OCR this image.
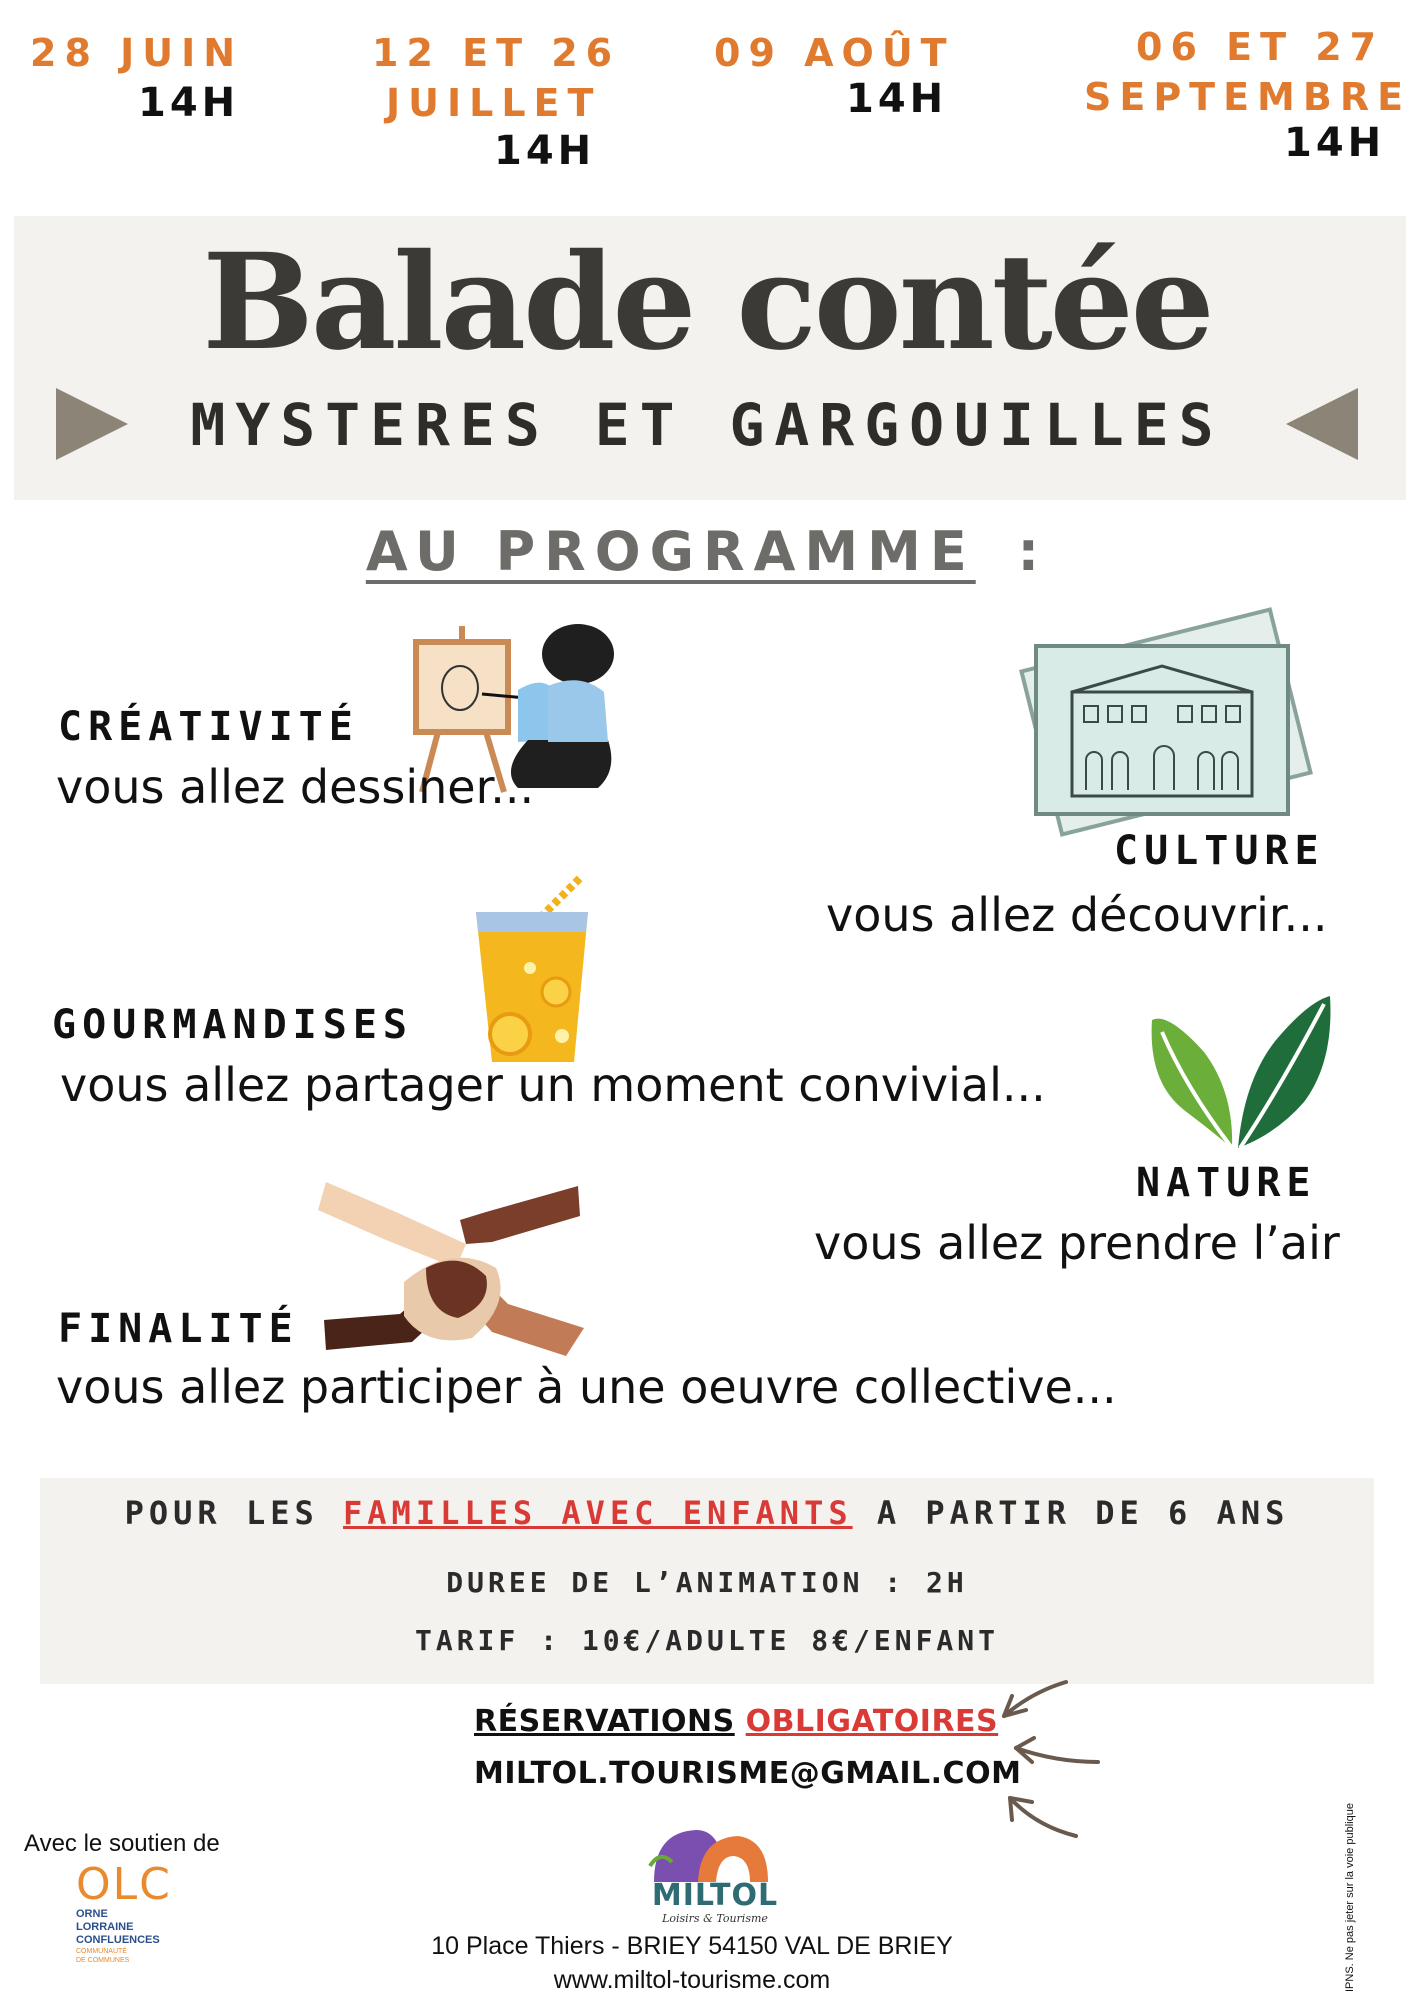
28 JUIN
14H
12 ET 26
JUILLET
14H
09 AOÛT
14H
06 ET 27
SEPTEMBRE
14H
Balade contée
MYSTERES ET GARGOUILLES
AU PROGRAMME :
CRÉATIVITÉ
vous allez dessiner...
CULTURE
vous allez découvrir...
GOURMANDISES
vous allez partager un moment convivial...
NATURE
vous allez prendre l’air
FINALITÉ
vous allez participer à une oeuvre collective...
POUR LES FAMILLES AVEC ENFANTS A PARTIR DE 6 ANS
DUREE DE L’ANIMATION : 2H
TARIF : 10€/ADULTE 8€/ENFANT
RÉSERVATIONS OBLIGATOIRES
MILTOL.TOURISME@GMAIL.COM
Avec le soutien de
OLC
ORNE
LORRAINE
CONFLUENCES
COMMUNAUTÉ
DE COMMUNES
MILTOL
Loisirs & Tourisme
10 Place Thiers - BRIEY 54150 VAL DE BRIEY
www.miltol-tourisme.com	IPNS. Ne pas jeter sur la voie publique
